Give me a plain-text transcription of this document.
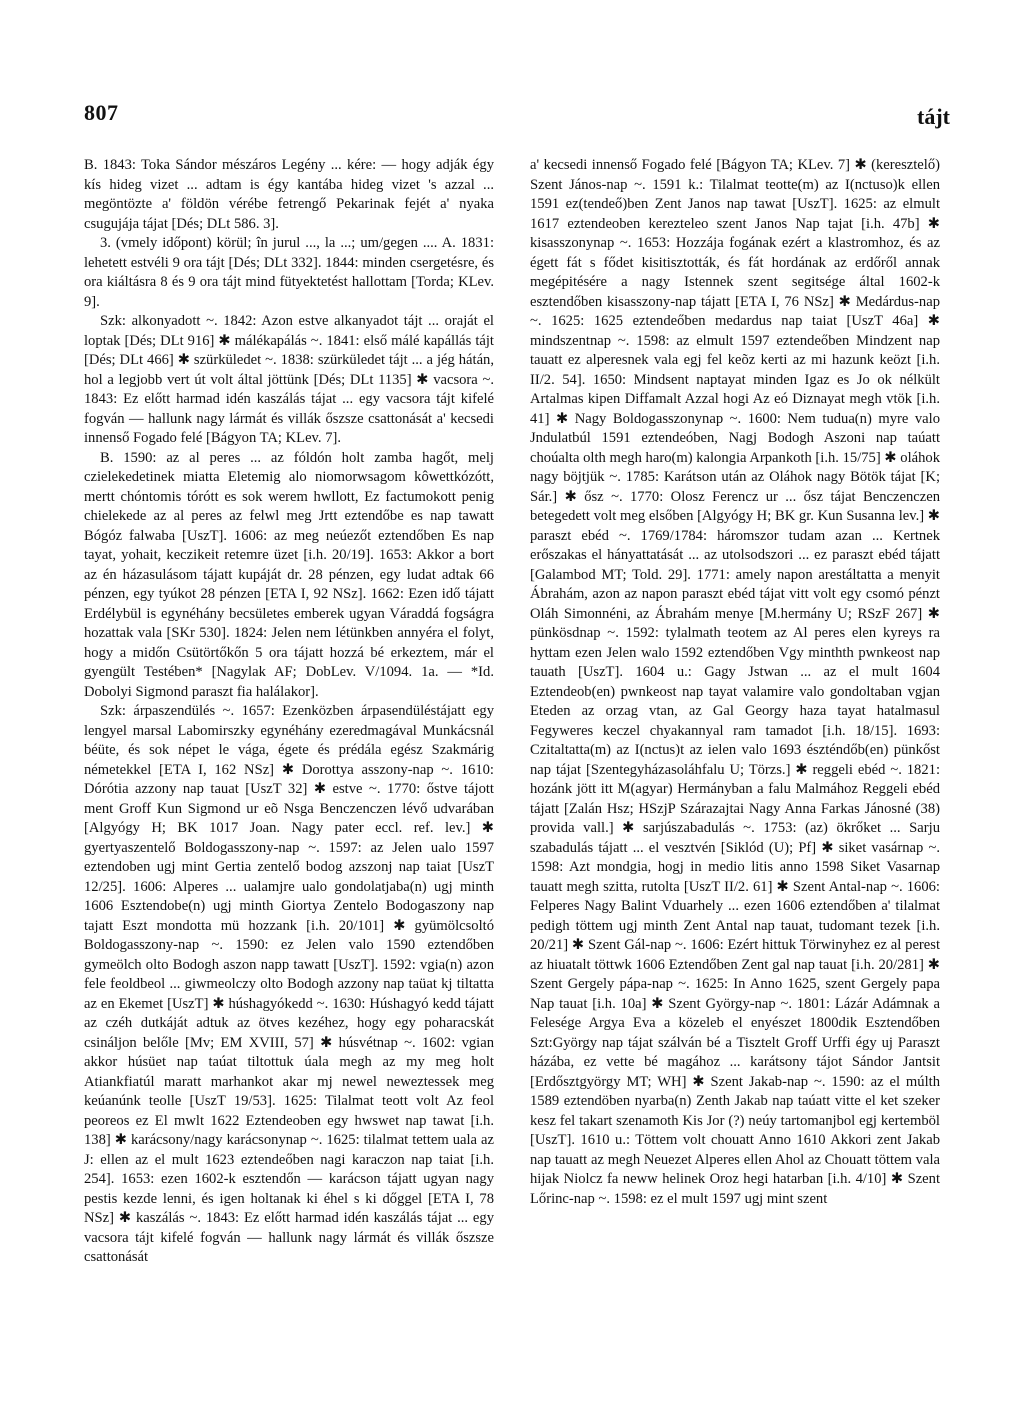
807	tájt

B. 1843: Toka Sándor mészáros Legény ... kére: — hogy adják égy kís hideg vizet ... adtam is égy kantába hideg vizet 's azzal ... megöntözte a' földön vérébe fetrengő Pekarinak fejét a' nyaka csugujája tájat [Dés; DLt 586. 3].

3. (vmely időpont) körül; în jurul ..., la ...; um/gegen .... A. 1831: lehetett estvéli 9 ora tájt [Dés; DLt 332]. 1844: minden csergetésre, és ora kiáltásra 8 és 9 ora tájt mind fütyektetést hallottam [Torda; KLev. 9].

Szk: alkonyadott ~. 1842: Azon estve alkanyadot tájt ... oraját el loptak [Dés; DLt 916] ✱ málékapálás ~. 1841: első málé kapállás tájt [Dés; DLt 466] ✱ szürküledet ~. 1838: szürküledet tájt ... a jég hátán, hol a legjobb vert út volt által jöttünk [Dés; DLt 1135] ✱ vacsora ~. 1843: Ez előtt harmad idén kaszálás tájat ... egy vacsora tájt kifelé fogván — hallunk nagy lármát és villák őszsze csattonását a' kecsedi innenső Fogado felé [Bágyon TA; KLev. 7].

B. 1590: az al peres ... az fóldón holt zamba hagőt, melj czielekedetinek miatta Eletemig alo niomorwsagom kôwettkózótt, mertt chóntomis tórótt es sok werem hwllott, Ez factumokott penig chielekede az al peres az felwl meg Jrtt eztendőbe es nap tawatt Bógóz falwaba [UszT]. 1606: az meg neúezőt eztendőben Es nap tayat, yohait, keczikeit retemre üzet [i.h. 20/19]. 1653: Akkor a bort az én házasulásom tájatt kupáját dr. 28 pénzen, egy ludat adtak 66 pénzen, egy tyúkot 28 pénzen [ETA I, 92 NSz]. 1662: Ezen idő tájatt Erdélybül is egynéhány becsületes emberek ugyan Váraddá fogságra hozattak vala [SKr 530]. 1824: Jelen nem létünkben annyéra el folyt, hogy a midőn Csütörtőkőn 5 ora tájatt hozzá bé erkeztem, már el gyengült Testében* [Nagylak AF; DobLev. V/1094. 1a. — *Id. Dobolyi Sigmond paraszt fia halálakor].

Szk: árpaszendülés ~. 1657: Ezenközben árpasendüléstájatt egy lengyel marsal Labomirszky egynéhány ezeredmagával Munkácsnál béüte, és sok népet le vága, égete és prédála egész Szakmárig németekkel [ETA I, 162 NSz] ✱ Dorottya asszony-nap ~. 1610: Dórótia azzony nap tauat [UszT 32] ✱ estve ~. 1770: őstve tájott ment Groff Kun Sigmond ur eõ Nsga Benczenczen lévő udvarában [Algyógy H; BK 1017 Joan. Nagy pater eccl. ref. lev.] ✱ gyertyaszentelő Boldogasszony-nap ~. 1597: az Jelen ualo 1597 eztendoben ugj mint Gertia zentelő bodog azszonj nap taiat [UszT 12/25]. 1606: Alperes ... ualamjre ualo gondolatjaba(n) ugj minth 1606 Esztendobe(n) ugj minth Giortya Zentelo Bodogaszony nap tajatt Eszt mondotta mü hozzank [i.h. 20/101] ✱ gyümölcsoltó Boldogasszony-nap ~. 1590: ez Jelen valo 1590 eztendőben gymeölch olto Bodogh aszon napp tawatt [UszT]. 1592: vgia(n) azon fele feoldbeol ... giwmeolczy olto Bodogh azzony nap taüat kj tiltatta az en Ekemet [UszT] ✱ húshagyókedd ~. 1630: Húshagyó kedd tájatt az czéh dutkáját adtuk az ötves kezéhez, hogy egy poharacskát csináljon belőle [Mv; EM XVIII, 57] ✱ húsvétnap ~. 1602: vgian akkor húsüet nap taúat tiltottuk úala megh az my meg holt Atiankfiatúl maratt marhankot akar mj newel neweztessek meg keúanúnk teolle [UszT 19/53]. 1625: Tilalmat teott volt Az feol peoreos ez El mwlt 1622 Eztendeoben egy hwswet nap tawat [i.h. 138] ✱ karácsony/nagy karácsonynap ~. 1625: tilalmat tettem uala az J: ellen az el mult 1623 eztendeőben nagi karaczon nap taiat [i.h. 254]. 1653: ezen 1602-k esztendőn — karácson tájatt ugyan nagy pestis kezde lenni, és igen holtanak ki éhel s ki dőggel [ETA I, 78 NSz] ✱ kaszálás ~. 1843: Ez előtt harmad idén kaszálás tájat ... egy vacsora tájt kifelé fogván — hallunk nagy lármát és villák őszsze csattonását

a' kecsedi innenső Fogado felé [Bágyon TA; KLev. 7] ✱ (keresztelő) Szent János-nap ~. 1591 k.: Tilalmat teotte(m) az I(nctuso)k ellen 1591 ez(tendeő)ben Zent Janos nap tawat [UszT]. 1625: az elmult 1617 eztendeoben kerezteleo szent Janos Nap tajat [i.h. 47b] ✱ kisasszonynap ~. 1653: Hozzája fogának ezért a klastromhoz, és az égett fát s fődet kisitisztották, és fát hordának az erdőről annak megépitésére a nagy Istennek szent segitsége által 1602-k esztendőben kisasszony-nap tájatt [ETA I, 76 NSz] ✱ Medárdus-nap ~. 1625: 1625 eztendeőben medardus nap taiat [UszT 46a] ✱ mindszentnap ~. 1598: az elmult 1597 eztendeőben Mindzent nap tauatt ez alperesnek vala egj fel keõz kerti az mi hazunk keözt [i.h. II/2. 54]. 1650: Mindsent naptayat minden Igaz es Jo ok nélkült Artalmas kipen Diffamalt Azzal hogi Az eó Diznayat megh vtök [i.h. 41] ✱ Nagy Boldogasszonynap ~. 1600: Nem tudua(n) myre valo Jndulatbúl 1591 eztendeóben, Nagj Bodogh Aszoni nap taúatt choúalta olth megh haro(m) kalongia Arpankoth [i.h. 15/75] ✱ oláhok nagy böjtjük ~. 1785: Karátson után az Oláhok nagy Bötök tájat [K; Sár.] ✱ ősz ~. 1770: Olosz Ferencz ur ... ősz tájat Benczenczen betegedett volt meg elsőben [Algyógy H; BK gr. Kun Susanna lev.] ✱ paraszt ebéd ~. 1769/1784: háromszor tudam azan ... Kertnek erőszakas el hányattatását ... az utolsodszori ... ez paraszt ebéd tájatt [Galambod MT; Told. 29]. 1771: amely napon arestáltatta a menyit Ábrahám, azon az napon paraszt ebéd tájat vitt volt egy csomó pénzt Oláh Simonnéni, az Ábrahám menye [M.hermány U; RSzF 267] ✱ pünkösdnap ~. 1592: tylalmath teotem az Al peres elen kyreys ra hyttam ezen Jelen walo 1592 eztendőben Vgy minthth pwnkeost nap tauath [UszT]. 1604 u.: Gagy Jstwan ... az el mult 1604 Eztendeob(en) pwnkeost nap tayat valamire valo gondoltaban vgjan Eteden az orzag vtan, az Gal Georgy haza tayat hatalmasul Fegyweres keczel chyakannyal ram tamadot [i.h. 18/15]. 1693: Czitaltatta(m) az I(nctus)t az ielen valo 1693 észténdőb(en) pünkőst nap tájat [Szentegyházasoláhfalu U; Törzs.] ✱ reggeli ebéd ~. 1821: hozánk jött itt M(agyar) Hermányban a falu Malmához Reggeli ebéd tájatt [Zalán Hsz; HSzjP Szárazajtai Nagy Anna Farkas Jánosné (38) provida vall.] ✱ sarjúszabadulás ~. 1753: (az) ökrőket ... Sarju szabadulás tájatt ... el vesztvén [Siklód (U); Pf] ✱ siket vasárnap ~. 1598: Azt mondgia, hogj in medio litis anno 1598 Siket Vasarnap tauatt megh szitta, rutolta [UszT II/2. 61] ✱ Szent Antal-nap ~. 1606: Felperes Nagy Balint Vduarhely ... ezen 1606 eztendőben a' tilalmat pedigh töttem ugj minth Zent Antal nap tauat, tudomant tezek [i.h. 20/21] ✱ Szent Gál-nap ~. 1606: Ezért hittuk Törwinyhez ez al perest az hiuatalt töttwk 1606 Eztendőben Zent gal nap tauat [i.h. 20/281] ✱ Szent Gergely pápa-nap ~. 1625: In Anno 1625, szent Gergely papa Nap tauat [i.h. 10a] ✱ Szent György-nap ~. 1801: Lázár Adámnak a Felesége Argya Eva a közeleb el enyészet 1800dik Esztendőben Szt:György nap tájat szálván bé a Tisztelt Groff Urffi égy uj Paraszt házába, ez vette bé magához ... karátsony tájot Sándor Jantsit [Erdősztgyörgy MT; WH] ✱ Szent Jakab-nap ~. 1590: az el múlth 1589 eztendöben nyarba(n) Zenth Jakab nap taúatt vitte el ket szeker kesz fel takart szenamoth Kis Jor (?) neúy tartomanjbol egj kertemböl [UszT]. 1610 u.: Töttem volt chouatt Anno 1610 Akkori zent Jakab nap tauatt az megh Neuezet Alperes ellen Ahol az Chouatt töttem vala hijak Niolcz fa neww helinek Oroz hegi hatarban [i.h. 4/10] ✱ Szent Lőrinc-nap ~. 1598: ez el mult 1597 ugj mint szent
